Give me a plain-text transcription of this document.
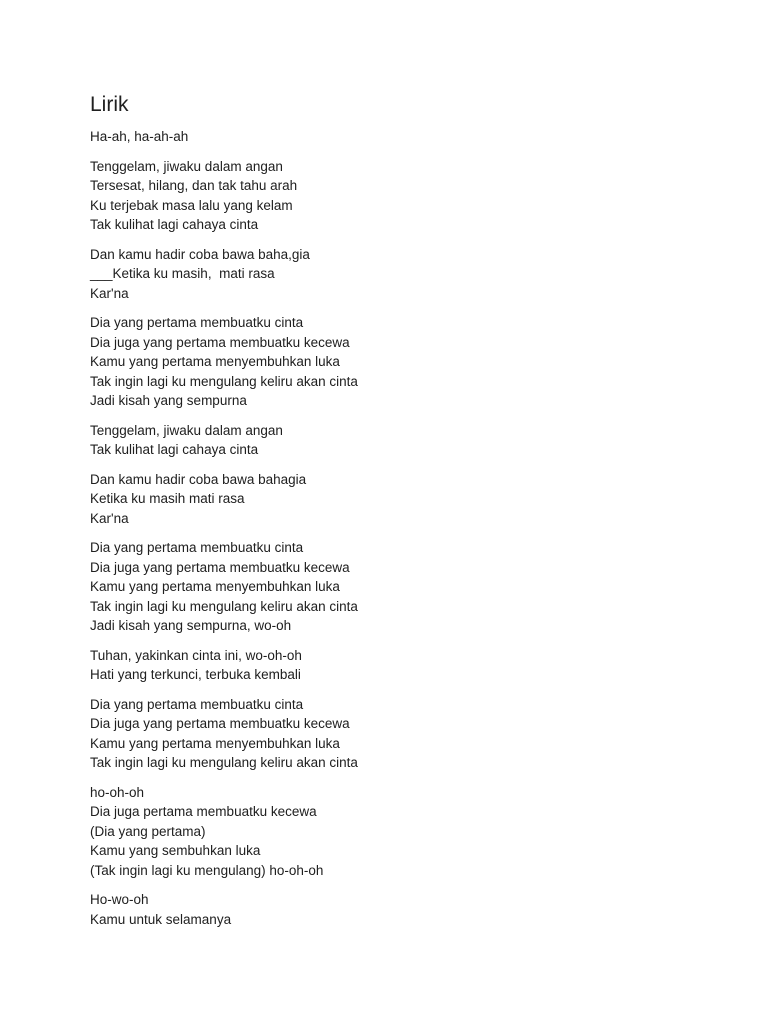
Lirik

Ha-ah, ha-ah-ah

Tenggelam, jiwaku dalam angan

Tersesat, hilang, dan tak tahu arah

Ku terjebak masa lalu yang kelam

Tak kulihat lagi cahaya cinta

Dan kamu hadir coba bawa baha,gia

___Ketika ku masih,  mati rasa

Kar'na

Dia yang pertama membuatku cinta

Dia juga yang pertama membuatku kecewa

Kamu yang pertama menyembuhkan luka

Tak ingin lagi ku mengulang keliru akan cinta

Jadi kisah yang sempurna

Tenggelam, jiwaku dalam angan

Tak kulihat lagi cahaya cinta

Dan kamu hadir coba bawa bahagia

Ketika ku masih mati rasa

Kar'na

Dia yang pertama membuatku cinta

Dia juga yang pertama membuatku kecewa

Kamu yang pertama menyembuhkan luka

Tak ingin lagi ku mengulang keliru akan cinta

Jadi kisah yang sempurna, wo-oh

Tuhan, yakinkan cinta ini, wo-oh-oh

Hati yang terkunci, terbuka kembali

Dia yang pertama membuatku cinta

Dia juga yang pertama membuatku kecewa

Kamu yang pertama menyembuhkan luka

Tak ingin lagi ku mengulang keliru akan cinta

ho-oh-oh

Dia juga pertama membuatku kecewa

(Dia yang pertama)

Kamu yang sembuhkan luka

(Tak ingin lagi ku mengulang) ho-oh-oh

Ho-wo-oh

Kamu untuk selamanya
